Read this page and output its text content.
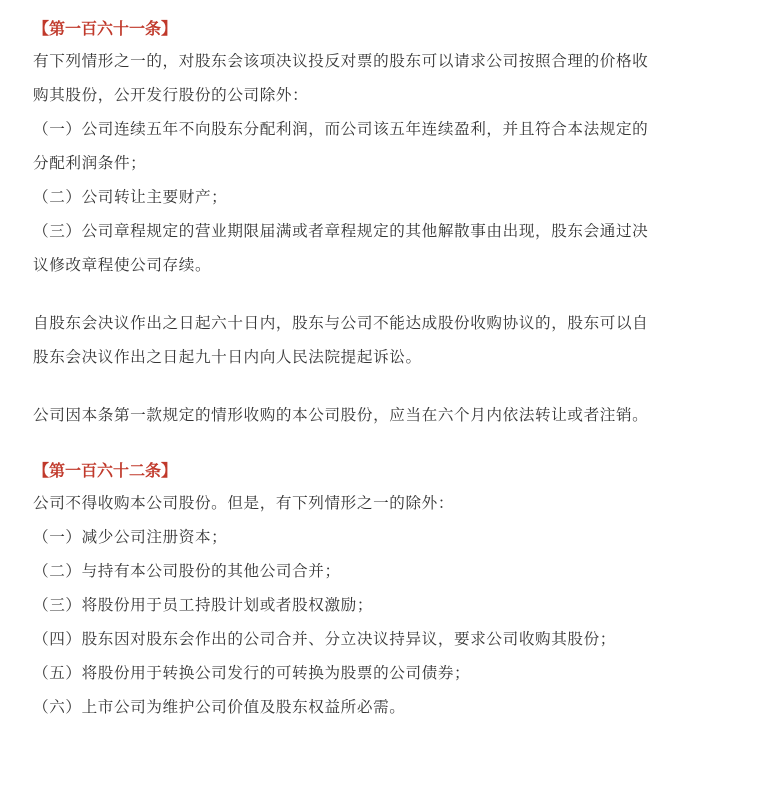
【第一百六十一条】
有下列情形之一的，对股东会该项决议投反对票的股东可以请求公司按照合理的价格收
购其股份，公开发行股份的公司除外：
（一）公司连续五年不向股东分配利润，而公司该五年连续盈利，并且符合本法规定的
分配利润条件；
（二）公司转让主要财产；
（三）公司章程规定的营业期限届满或者章程规定的其他解散事由出现，股东会通过决
议修改章程使公司存续。
自股东会决议作出之日起六十日内，股东与公司不能达成股份收购协议的，股东可以自
股东会决议作出之日起九十日内向人民法院提起诉讼。
公司因本条第一款规定的情形收购的本公司股份，应当在六个月内依法转让或者注销。
【第一百六十二条】
公司不得收购本公司股份。但是，有下列情形之一的除外：
（一）减少公司注册资本；
（二）与持有本公司股份的其他公司合并；
（三）将股份用于员工持股计划或者股权激励；
（四）股东因对股东会作出的公司合并、分立决议持异议，要求公司收购其股份；
（五）将股份用于转换公司发行的可转换为股票的公司债券；
（六）上市公司为维护公司价值及股东权益所必需。
